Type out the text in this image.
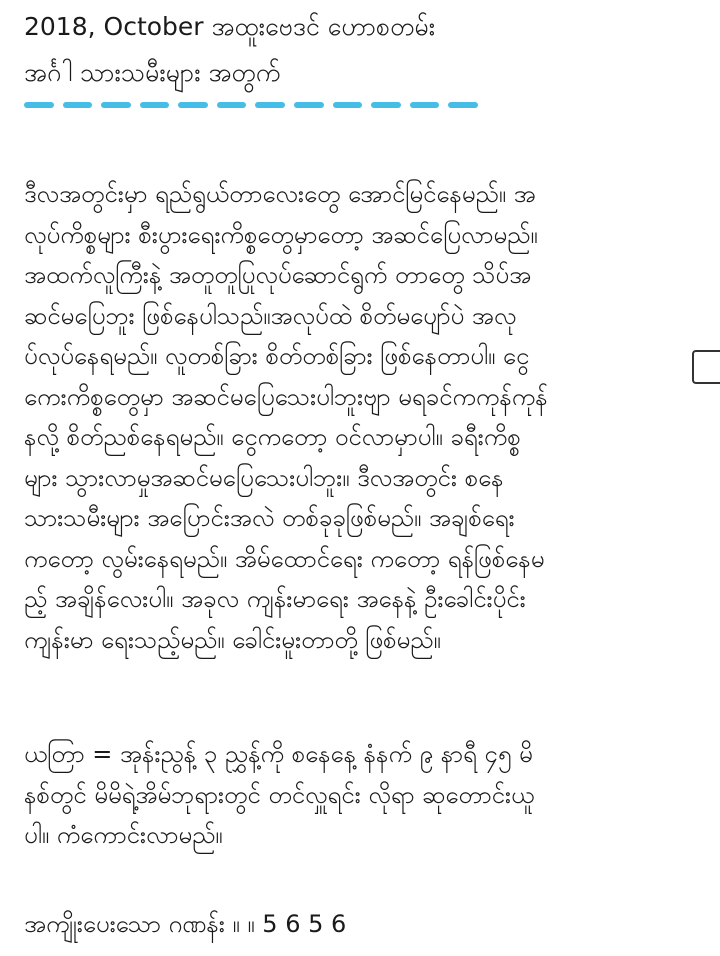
2018, October အထူးဗေဒင် ဟောစတမ်း
အင်္ဂါ သားသမီးများ အတွက်
ဒီလအတွင်းမှာ ရည်ရွယ်တာလေးတွေ အောင်မြင်နေမည်။ အ
လုပ်ကိစ္စများ စီးပွားရေးကိစ္စတွေမှာတော့ အဆင်ပြေလာမည်။
အထက်လူကြီးနဲ့ အတူတူပြုလုပ်ဆောင်ရွက် တာတွေ သိပ်အ
ဆင်မပြေဘူး ဖြစ်နေပါသည်။အလုပ်ထဲ စိတ်မပျော်ပဲ အလု
ပ်လုပ်နေရမည်။ လူတစ်ခြား စိတ်တစ်ခြား ဖြစ်နေတာပါ။ ငွေ
ကေးကိစ္စတွေမှာ အဆင်မပြေသေးပါဘူးဗျာ မရခင်ကကုန်ကုန်
နလို့ စိတ်ညစ်နေရမည်။ ငွေကတော့ ဝင်လာမှာပါ။ ခရီးကိစ္စ
များ သွားလာမှုအဆင်မပြေသေးပါဘူး။ ဒီလအတွင်း စနေ
သားသမီးများ အပြောင်းအလဲ တစ်ခုခုဖြစ်မည်။ အချစ်ရေး
ကတော့ လွမ်းနေရမည်။ အိမ်ထောင်ရေး ကတော့ ရန်ဖြစ်နေမ
ည့် အချိန်လေးပါ။ အခုလ ကျန်းမာရေး အနေနဲ့ ဦးခေါင်းပိုင်း
ကျန်းမာ ရေးသည့်မည်။ ခေါင်းမူးတာတို့ ဖြစ်မည်။
ယတြာ = အုန်းညွန့် ၃ ညွှန့်ကို စနေနေ့ နံနက် ၉ နာရီ ၄၅ မိ
နစ်တွင် မိမိရဲ့အိမ်ဘုရားတွင် တင်လှူရင်း လိုရာ ဆုတောင်းယူ
ပါ။ ကံကောင်းလာမည်။
အကျိုးပေးသော ဂဏန်း ။ ။ 5 6 5 6
